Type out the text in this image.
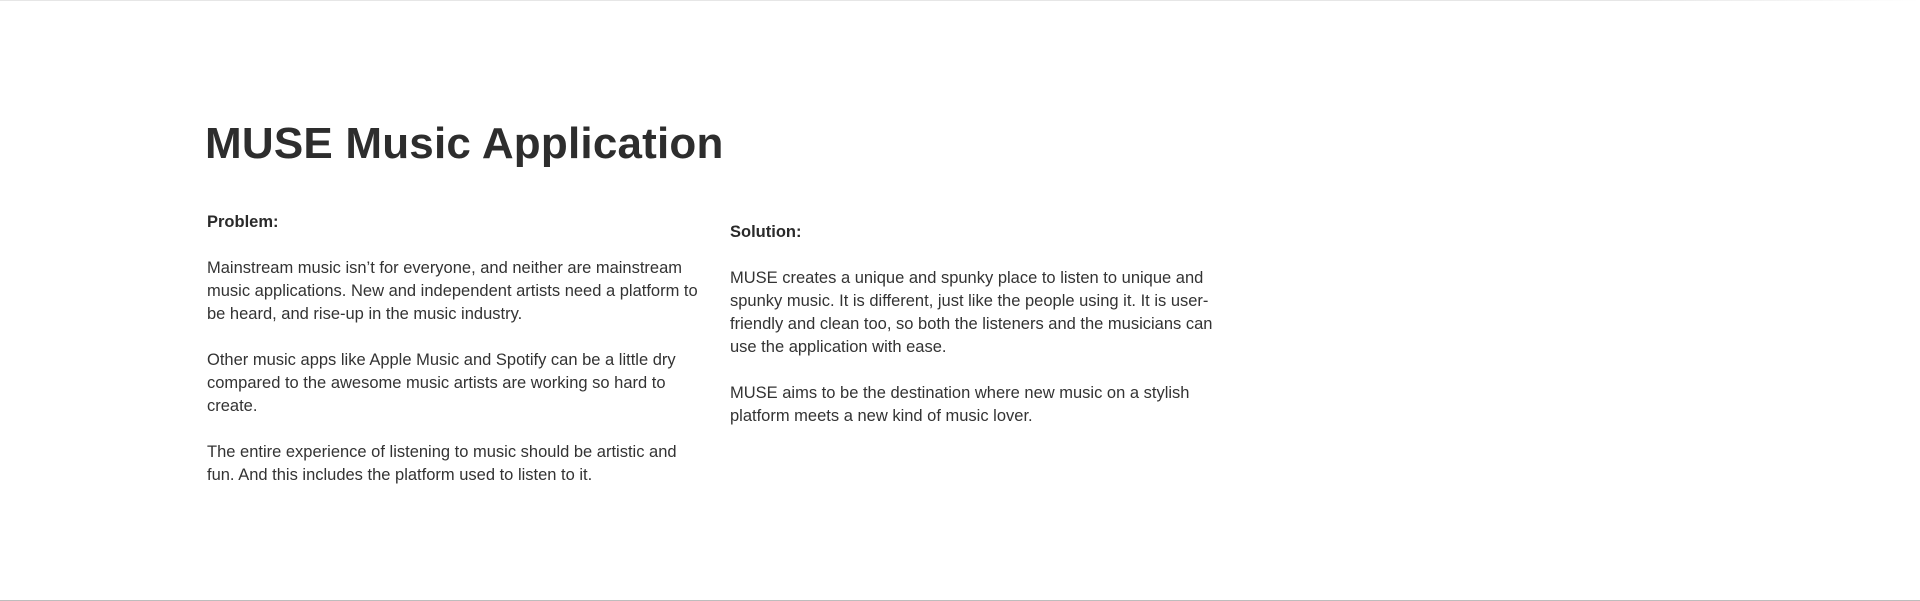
MUSE Music Application

Problem:

Mainstream music isn’t for everyone, and neither are mainstream music applications. New and independent artists need a platform to be heard, and rise-up in the music industry.

Other music apps like Apple Music and Spotify can be a little dry compared to the awesome music artists are working so hard to create.

The entire experience of listening to music should be artistic and fun. And this includes the platform used to listen to it.

Solution:

MUSE creates a unique and spunky place to listen to unique and spunky music. It is different, just like the people using it. It is user-friendly and clean too, so both the listeners and the musicians can use the application with ease.

MUSE aims to be the destination where new music on a stylish platform meets a new kind of music lover.
